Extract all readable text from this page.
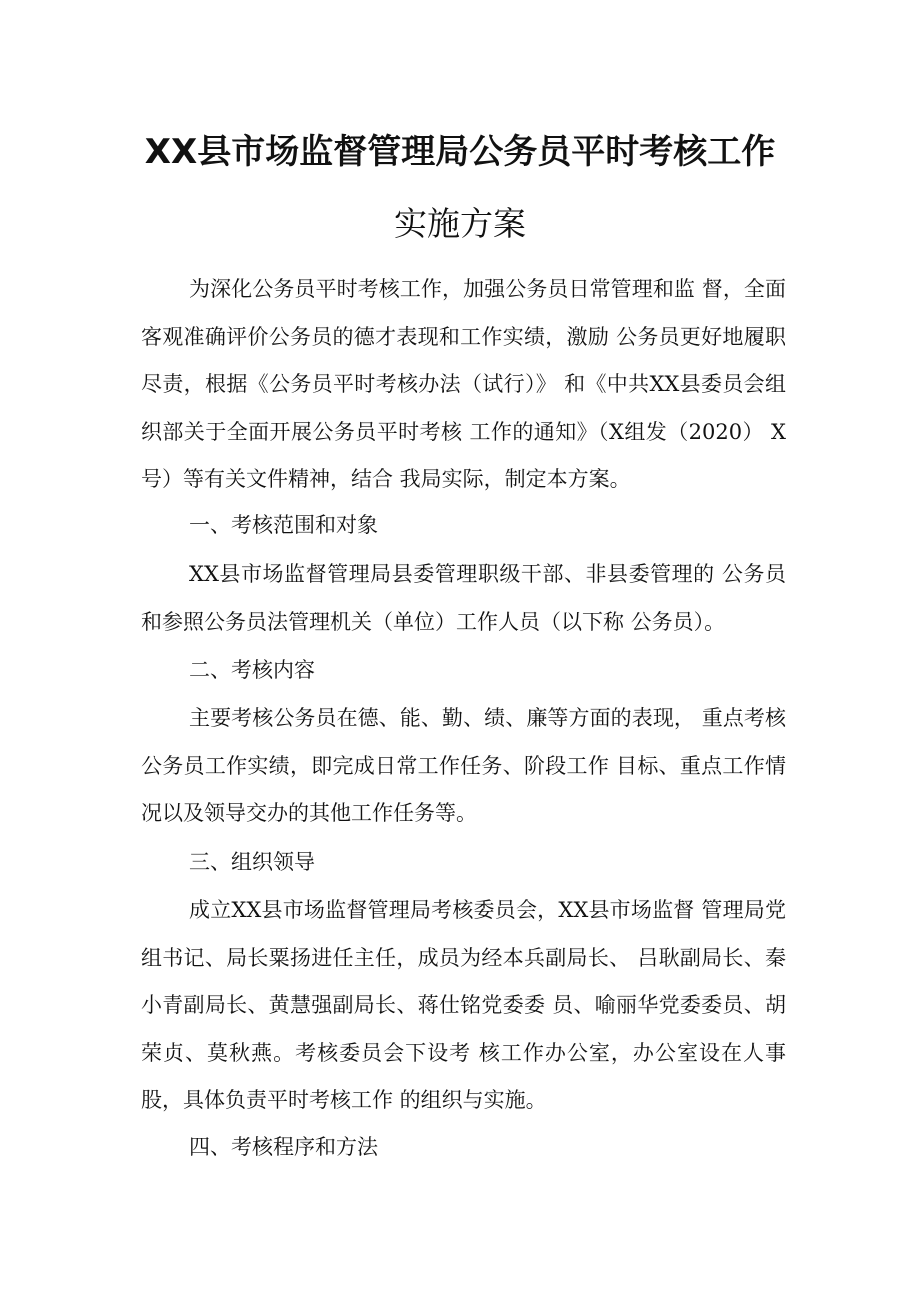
XX县市场监督管理局公务员平时考核工作
实施方案

为深化公务员平时考核工作，加强公务员日常管理和监 督，全面客观准确评价公务员的德才表现和工作实绩，激励 公务员更好地履职尽责，根据《公务员平时考核办法（试行）》 和《中共XX县委员会组织部关于全面开展公务员平时考核 工作的通知》（X组发（2020） X号）等有关文件精神，结合 我局实际，制定本方案。

一、考核范围和对象

XX县市场监督管理局县委管理职级干部、非县委管理的 公务员和参照公务员法管理机关（单位）工作人员（以下称 公务员）。

二、考核内容

主要考核公务员在德、能、勤、绩、廉等方面的表现， 重点考核公务员工作实绩，即完成日常工作任务、阶段工作 目标、重点工作情况以及领导交办的其他工作任务等。

三、组织领导

成立XX县市场监督管理局考核委员会，XX县市场监督 管理局党组书记、局长粟扬进任主任，成员为经本兵副局长、 吕耿副局长、秦小青副局长、黄慧强副局长、蒋仕铭党委委 员、喻丽华党委委员、胡荣贞、莫秋燕。考核委员会下设考 核工作办公室，办公室设在人事股，具体负责平时考核工作 的组织与实施。

四、考核程序和方法
